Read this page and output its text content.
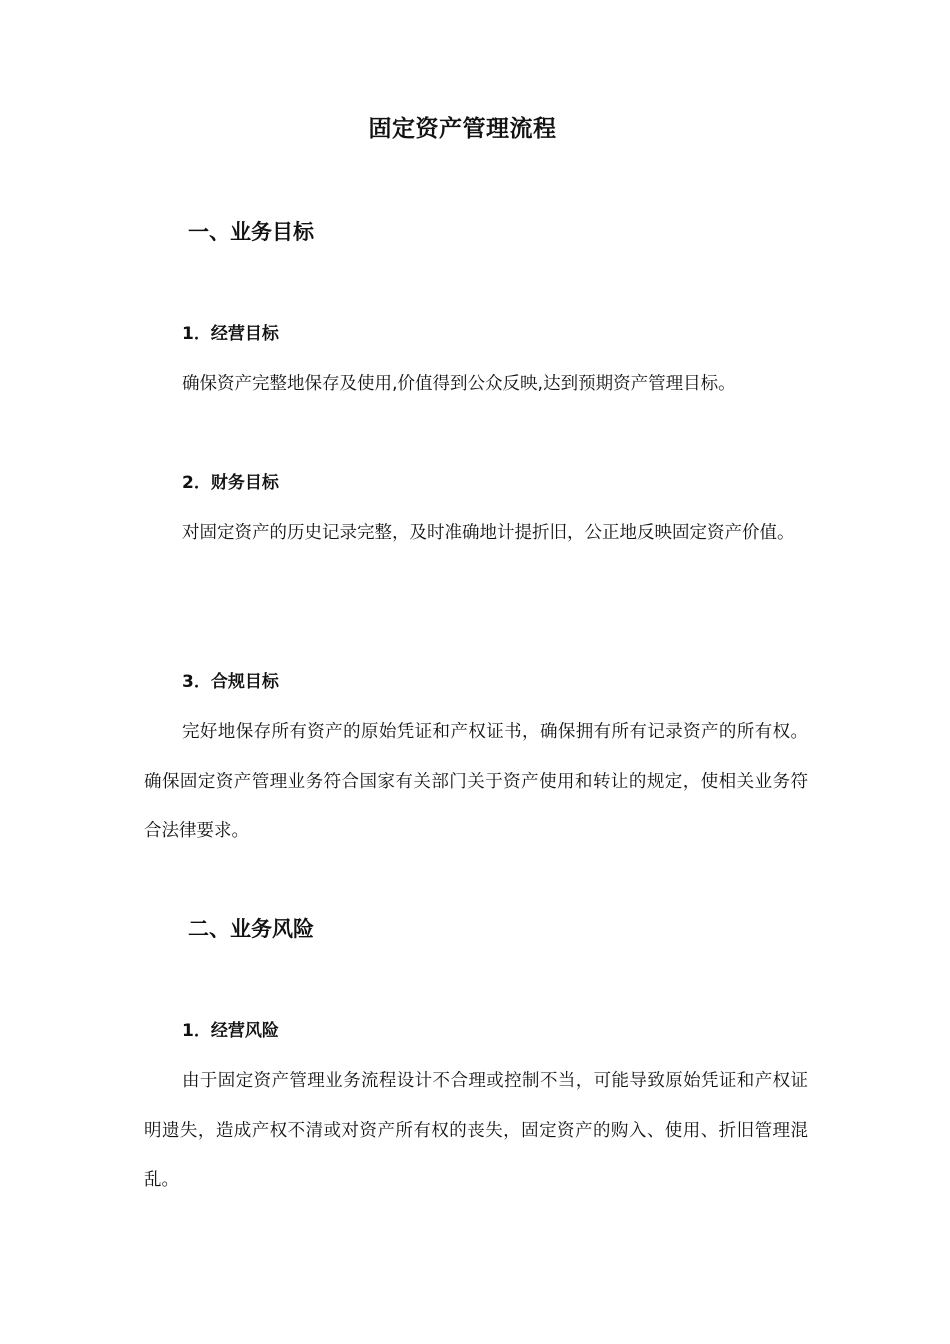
固定资产管理流程
一、业务目标
1．经营目标
确保资产完整地保存及使用,价值得到公众反映,达到预期资产管理目标。
2．财务目标
对固定资产的历史记录完整，及时准确地计提折旧，公正地反映固定资产价值。
3．合规目标
完好地保存所有资产的原始凭证和产权证书，确保拥有所有记录资产的所有权。确保固定资产管理业务符合国家有关部门关于资产使用和转让的规定，使相关业务符合法律要求。
二、业务风险
1．经营风险
由于固定资产管理业务流程设计不合理或控制不当，可能导致原始凭证和产权证明遗失，造成产权不清或对资产所有权的丧失，固定资产的购入、使用、折旧管理混乱。
